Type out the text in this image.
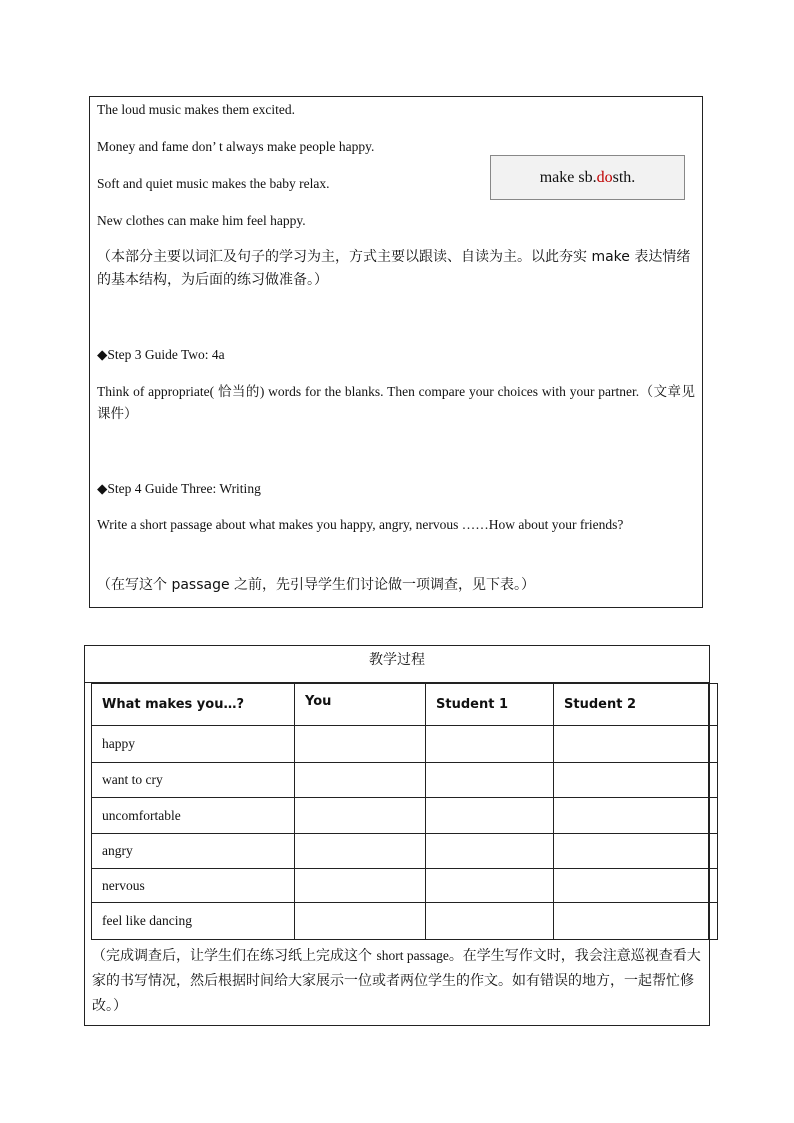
The loud music makes them excited.
Money and fame don’ t always make people happy.
Soft and quiet music makes the baby relax.
New clothes can make him feel happy.
make sb. do sth.
（本部分主要以词汇及句子的学习为主，方式主要以跟读、自读为主。以此夯实 make 表达情绪的基本结构，为后面的练习做准备。）
◆Step 3 Guide Two: 4a
Think of appropriate( 恰当的) words for the blanks. Then compare your choices with your partner.（文章见课件）
◆Step 4 Guide Three: Writing
Write a short passage about what makes you happy, angry, nervous ……How about your friends?
（在写这个 passage 之前，先引导学生们讨论做一项调查，见下表。）
教学过程
What makes you…?	You	Student 1	Student 2	
happy				
want to cry				
uncomfortable				
angry				
nervous				
feel like dancing				
（完成调查后，让学生们在练习纸上完成这个 short passage。在学生写作文时，我会注意巡视查看大家的书写情况，然后根据时间给大家展示一位或者两位学生的作文。如有错误的地方，一起帮忙修改。）
